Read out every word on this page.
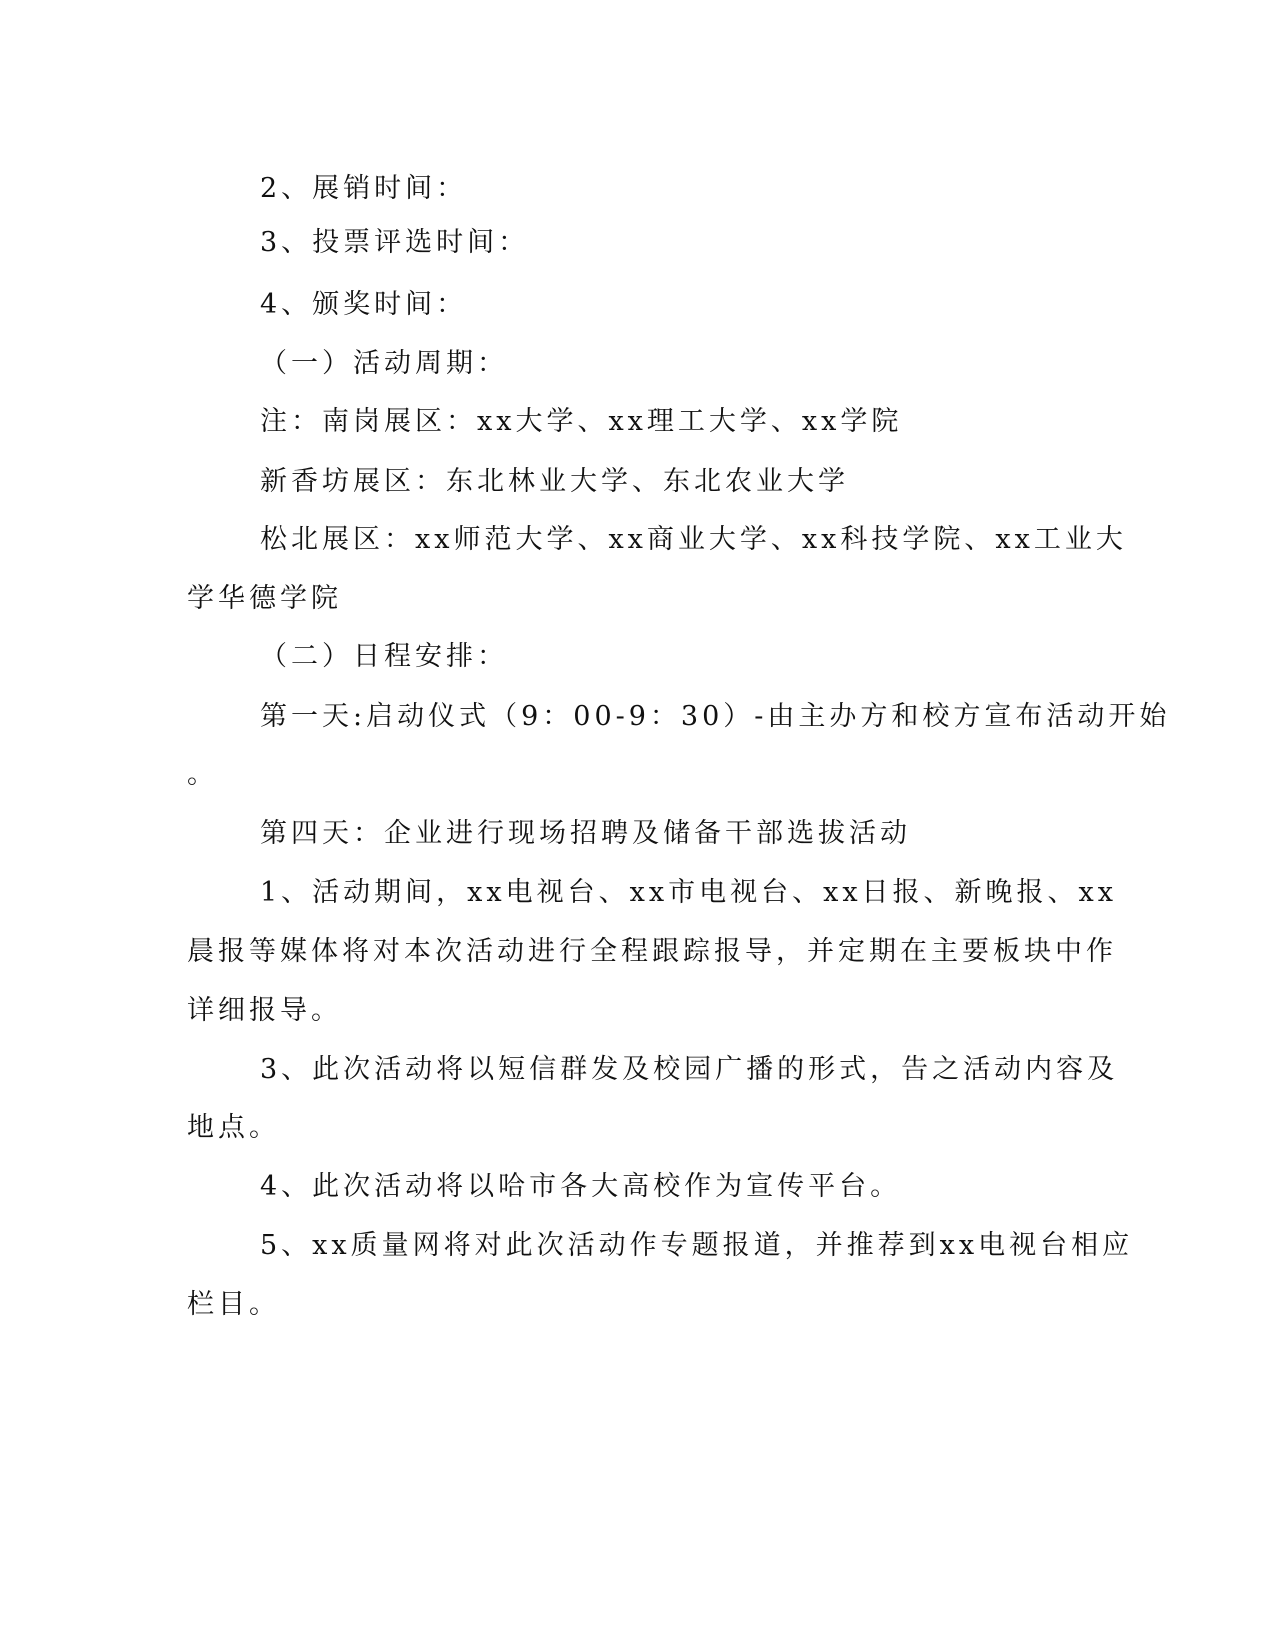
2、展销时间：
3、投票评选时间：
4、颁奖时间：
（一）活动周期：
注：南岗展区：xx大学、xx理工大学、xx学院
新香坊展区：东北林业大学、东北农业大学
松北展区：xx师范大学、xx商业大学、xx科技学院、xx工业大
学华德学院
（二）日程安排：
第一天:启动仪式（9：00-9：30）-由主办方和校方宣布活动开始
。
第四天：企业进行现场招聘及储备干部选拔活动
1、活动期间，xx电视台、xx市电视台、xx日报、新晚报、xx
晨报等媒体将对本次活动进行全程跟踪报导，并定期在主要板块中作
详细报导。
3、此次活动将以短信群发及校园广播的形式，告之活动内容及
地点。
4、此次活动将以哈市各大高校作为宣传平台。
5、xx质量网将对此次活动作专题报道，并推荐到xx电视台相应
栏目。
